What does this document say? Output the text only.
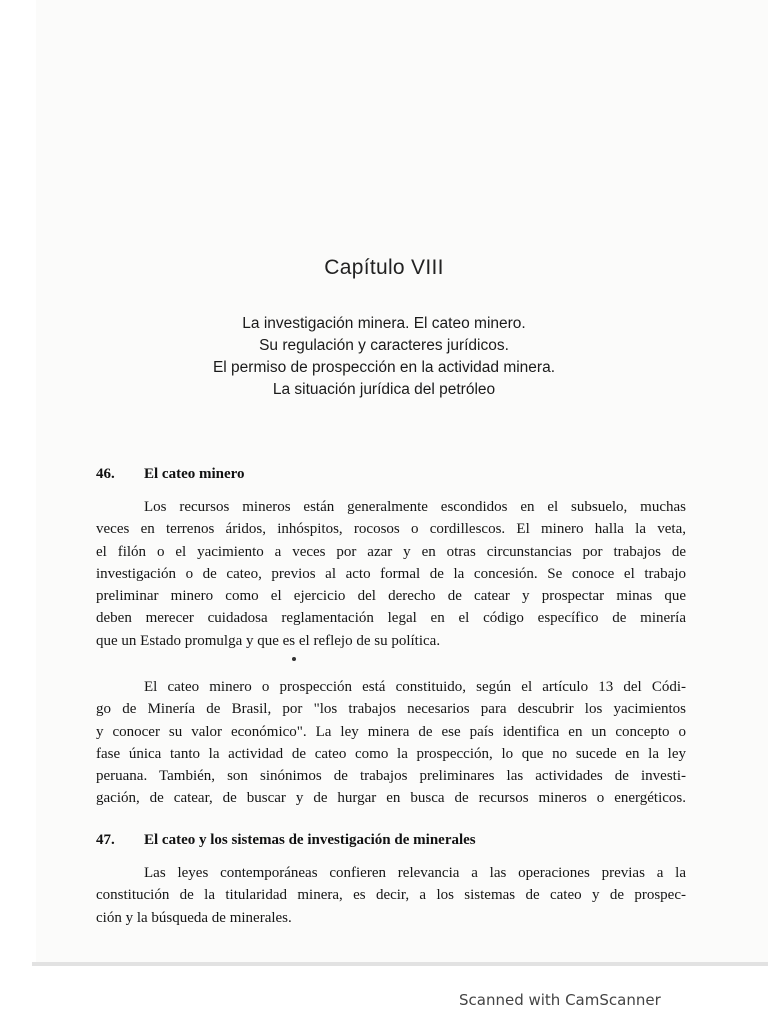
Capítulo VIII
La investigación minera. El cateo minero.
Su regulación y caracteres jurídicos.
El permiso de prospección en la actividad minera.
La situación jurídica del petróleo
46. El cateo minero
Los recursos mineros están generalmente escondidos en el subsuelo, muchas
veces en terrenos áridos, inhóspitos, rocosos o cordillescos. El minero halla la veta,
el filón o el yacimiento a veces por azar y en otras circunstancias por trabajos de
investigación o de cateo, previos al acto formal de la concesión. Se conoce el trabajo
preliminar minero como el ejercicio del derecho de catear y prospectar minas que
deben merecer cuidadosa reglamentación legal en el código específico de minería
que un Estado promulga y que es el reflejo de su política.
El cateo minero o prospección está constituido, según el artículo 13 del Códi-
go de Minería de Brasil, por "los trabajos necesarios para descubrir los yacimientos
y conocer su valor económico". La ley minera de ese país identifica en un concepto o
fase única tanto la actividad de cateo como la prospección, lo que no sucede en la ley
peruana. También, son sinónimos de trabajos preliminares las actividades de investi-
gación, de catear, de buscar y de hurgar en busca de recursos mineros o energéticos.
47. El cateo y los sistemas de investigación de minerales
Las leyes contemporáneas confieren relevancia a las operaciones previas a la
constitución de la titularidad minera, es decir, a los sistemas de cateo y de prospec-
ción y la búsqueda de minerales.
Scanned with CamScanner
